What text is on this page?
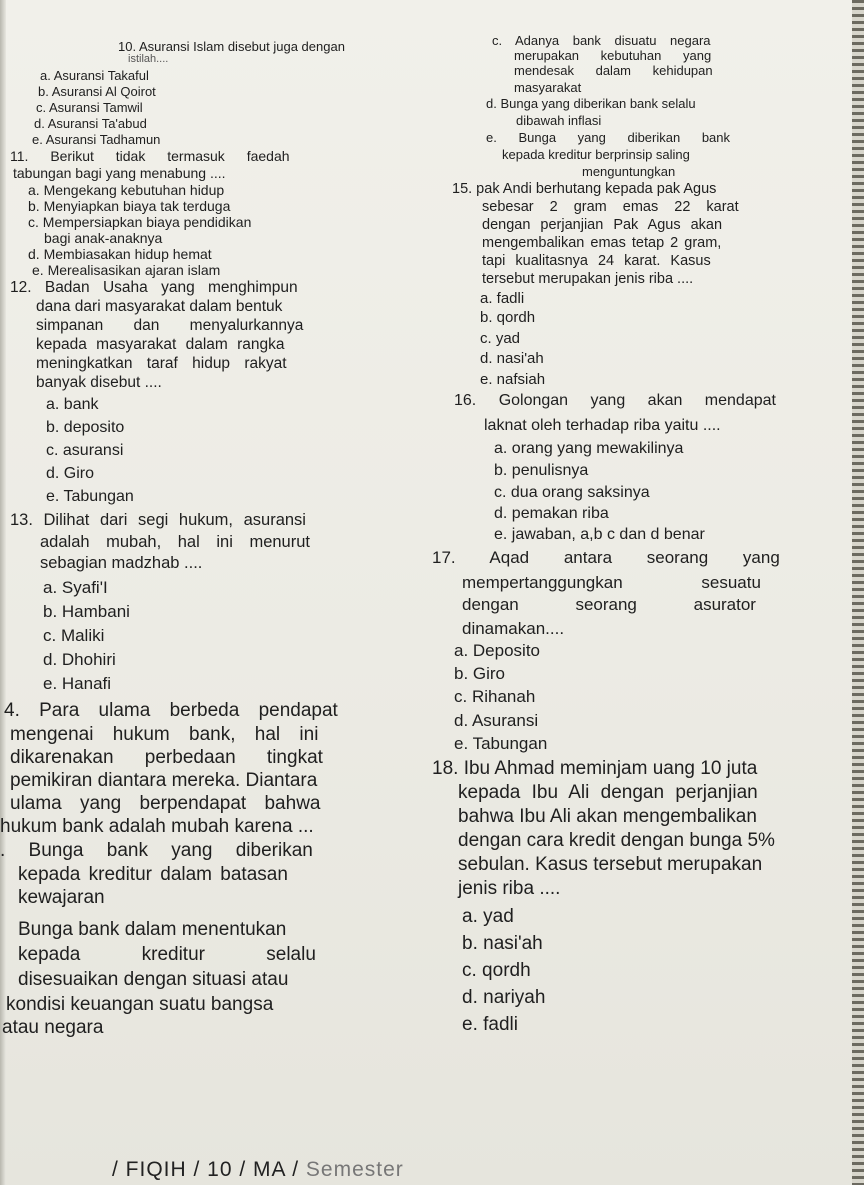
10. Asuransi Islam disebut juga dengan
istilah....
a. Asuransi Takaful
b. Asuransi Al Qoirot
c. Asuransi Tamwil
d. Asuransi Ta'abud
e. Asuransi Tadhamun
11. Berikut tidak termasuk faedah
tabungan bagi yang menabung ....
a. Mengekang kebutuhan hidup
b. Menyiapkan biaya tak terduga
c. Mempersiapkan biaya pendidikan
bagi anak-anaknya
d. Membiasakan hidup hemat
e. Merealisasikan ajaran islam
12. Badan Usaha yang menghimpun
dana dari masyarakat dalam bentuk
simpanan dan menyalurkannya
kepada masyarakat dalam rangka
meningkatkan taraf hidup rakyat
banyak disebut ....
a. bank
b. deposito
c. asuransi
d. Giro
e. Tabungan
13. Dilihat dari segi hukum, asuransi
adalah mubah, hal ini menurut
sebagian madzhab ....
a. Syafi'I
b. Hambani
c. Maliki
d. Dhohiri
e. Hanafi
4. Para ulama berbeda pendapat
mengenai hukum bank, hal ini
dikarenakan perbedaan tingkat
pemikiran diantara mereka. Diantara
ulama yang berpendapat bahwa
hukum bank adalah mubah karena ...
. Bunga bank yang diberikan
kepada kreditur dalam batasan
kewajaran
Bunga bank dalam menentukan
kepada kreditur selalu
disesuaikan dengan situasi atau
kondisi keuangan suatu bangsa
atau negara
c. Adanya bank disuatu negara
merupakan kebutuhan yang
mendesak dalam kehidupan
masyarakat
d. Bunga yang diberikan bank selalu
dibawah inflasi
e. Bunga yang diberikan bank
kepada kreditur berprinsip saling
menguntungkan
15. pak Andi berhutang kepada pak Agus
sebesar 2 gram emas 22 karat
dengan perjanjian Pak Agus akan
mengembalikan emas tetap 2 gram,
tapi kualitasnya 24 karat. Kasus
tersebut merupakan jenis riba ....
a. fadli
b. qordh
c. yad
d. nasi'ah
e. nafsiah
16. Golongan yang akan mendapat
laknat oleh terhadap riba yaitu ....
a. orang yang mewakilinya
b. penulisnya
c. dua orang saksinya
d. pemakan riba
e. jawaban, a,b c dan d benar
17. Aqad antara seorang yang
mempertanggungkan sesuatu
dengan seorang asurator
dinamakan....
a. Deposito
b. Giro
c. Rihanah
d. Asuransi
e. Tabungan
18. Ibu Ahmad meminjam uang 10 juta
kepada Ibu Ali dengan perjanjian
bahwa Ibu Ali akan mengembalikan
dengan cara kredit dengan bunga 5%
sebulan. Kasus tersebut merupakan
jenis riba ....
a. yad
b. nasi'ah
c. qordh
d. nariyah
e. fadli
/ FIQIH / 10 / MA / Semester
